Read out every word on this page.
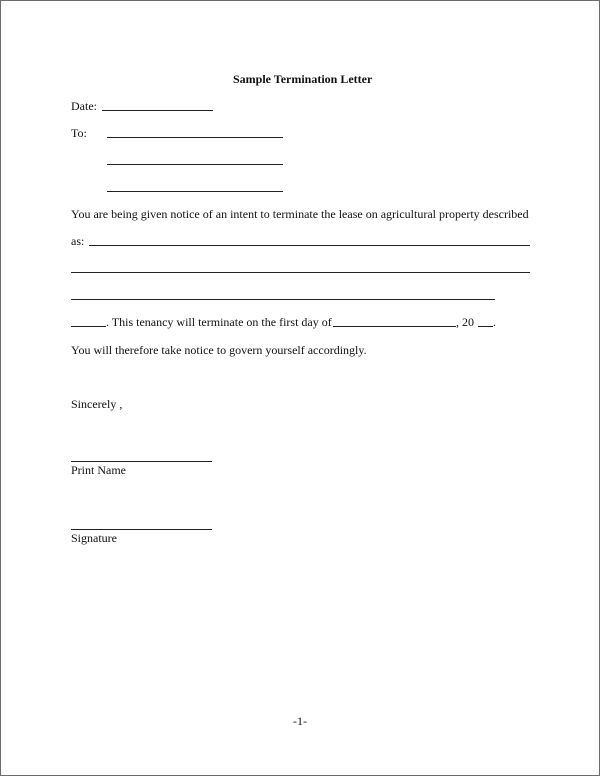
Sample Termination Letter
Date:
To:
You are being given notice of an intent to terminate the lease on agricultural property described
as:
. This tenancy will terminate on the first day of	, 20 .
You will therefore take notice to govern yourself accordingly.
Sincerely ,
Print Name
Signature
-1-
